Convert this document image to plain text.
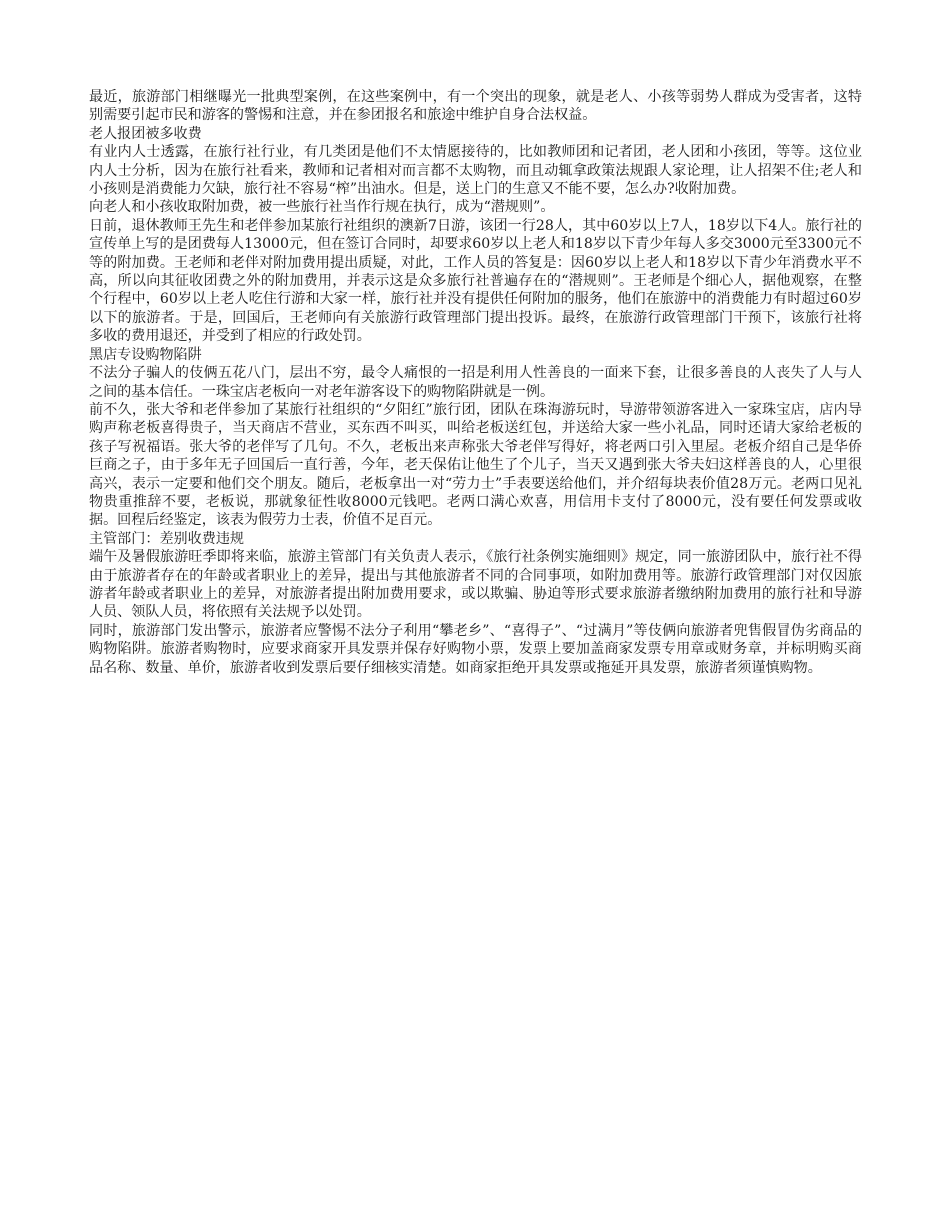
最近，旅游部门相继曝光一批典型案例，在这些案例中，有一个突出的现象，就是老人、小孩等弱势人群成为受害者，这特别需要引起市民和游客的警惕和注意，并在参团报名和旅途中维护自身合法权益。

老人报团被多收费

有业内人士透露，在旅行社行业，有几类团是他们不太情愿接待的，比如教师团和记者团，老人团和小孩团，等等。这位业内人士分析，因为在旅行社看来，教师和记者相对而言都不太购物，而且动辄拿政策法规跟人家论理，让人招架不住;老人和小孩则是消费能力欠缺，旅行社不容易“榨”出油水。但是，送上门的生意又不能不要，怎么办?收附加费。

向老人和小孩收取附加费，被一些旅行社当作行规在执行，成为“潜规则”。

日前，退休教师王先生和老伴参加某旅行社组织的澳新7日游，该团一行28人，其中60岁以上7人，18岁以下4人。旅行社的宣传单上写的是团费每人13000元，但在签订合同时，却要求60岁以上老人和18岁以下青少年每人多交3000元至3300元不等的附加费。王老师和老伴对附加费用提出质疑，对此，工作人员的答复是：因60岁以上老人和18岁以下青少年消费水平不高，所以向其征收团费之外的附加费用，并表示这是众多旅行社普遍存在的“潜规则”。王老师是个细心人，据他观察，在整个行程中，60岁以上老人吃住行游和大家一样，旅行社并没有提供任何附加的服务，他们在旅游中的消费能力有时超过60岁以下的旅游者。于是，回国后，王老师向有关旅游行政管理部门提出投诉。最终，在旅游行政管理部门干预下，该旅行社将多收的费用退还，并受到了相应的行政处罚。

黑店专设购物陷阱

不法分子骗人的伎俩五花八门，层出不穷，最令人痛恨的一招是利用人性善良的一面来下套，让很多善良的人丧失了人与人之间的基本信任。一珠宝店老板向一对老年游客设下的购物陷阱就是一例。

前不久，张大爷和老伴参加了某旅行社组织的“夕阳红”旅行团，团队在珠海游玩时，导游带领游客进入一家珠宝店，店内导购声称老板喜得贵子，当天商店不营业，买东西不叫买，叫给老板送红包，并送给大家一些小礼品，同时还请大家给老板的孩子写祝福语。张大爷的老伴写了几句。不久，老板出来声称张大爷老伴写得好，将老两口引入里屋。老板介绍自己是华侨巨商之子，由于多年无子回国后一直行善，今年，老天保佑让他生了个儿子，当天又遇到张大爷夫妇这样善良的人，心里很高兴，表示一定要和他们交个朋友。随后，老板拿出一对“劳力士”手表要送给他们，并介绍每块表价值28万元。老两口见礼物贵重推辞不要，老板说，那就象征性收8000元钱吧。老两口满心欢喜，用信用卡支付了8000元，没有要任何发票或收据。回程后经鉴定，该表为假劳力士表，价值不足百元。

主管部门：差别收费违规

端午及暑假旅游旺季即将来临，旅游主管部门有关负责人表示，《旅行社条例实施细则》规定，同一旅游团队中，旅行社不得由于旅游者存在的年龄或者职业上的差异，提出与其他旅游者不同的合同事项，如附加费用等。旅游行政管理部门对仅因旅游者年龄或者职业上的差异，对旅游者提出附加费用要求，或以欺骗、胁迫等形式要求旅游者缴纳附加费用的旅行社和导游人员、领队人员，将依照有关法规予以处罚。

同时，旅游部门发出警示，旅游者应警惕不法分子利用“攀老乡”、“喜得子”、“过满月”等伎俩向旅游者兜售假冒伪劣商品的购物陷阱。旅游者购物时，应要求商家开具发票并保存好购物小票，发票上要加盖商家发票专用章或财务章，并标明购买商品名称、数量、单价，旅游者收到发票后要仔细核实清楚。如商家拒绝开具发票或拖延开具发票，旅游者须谨慎购物。
